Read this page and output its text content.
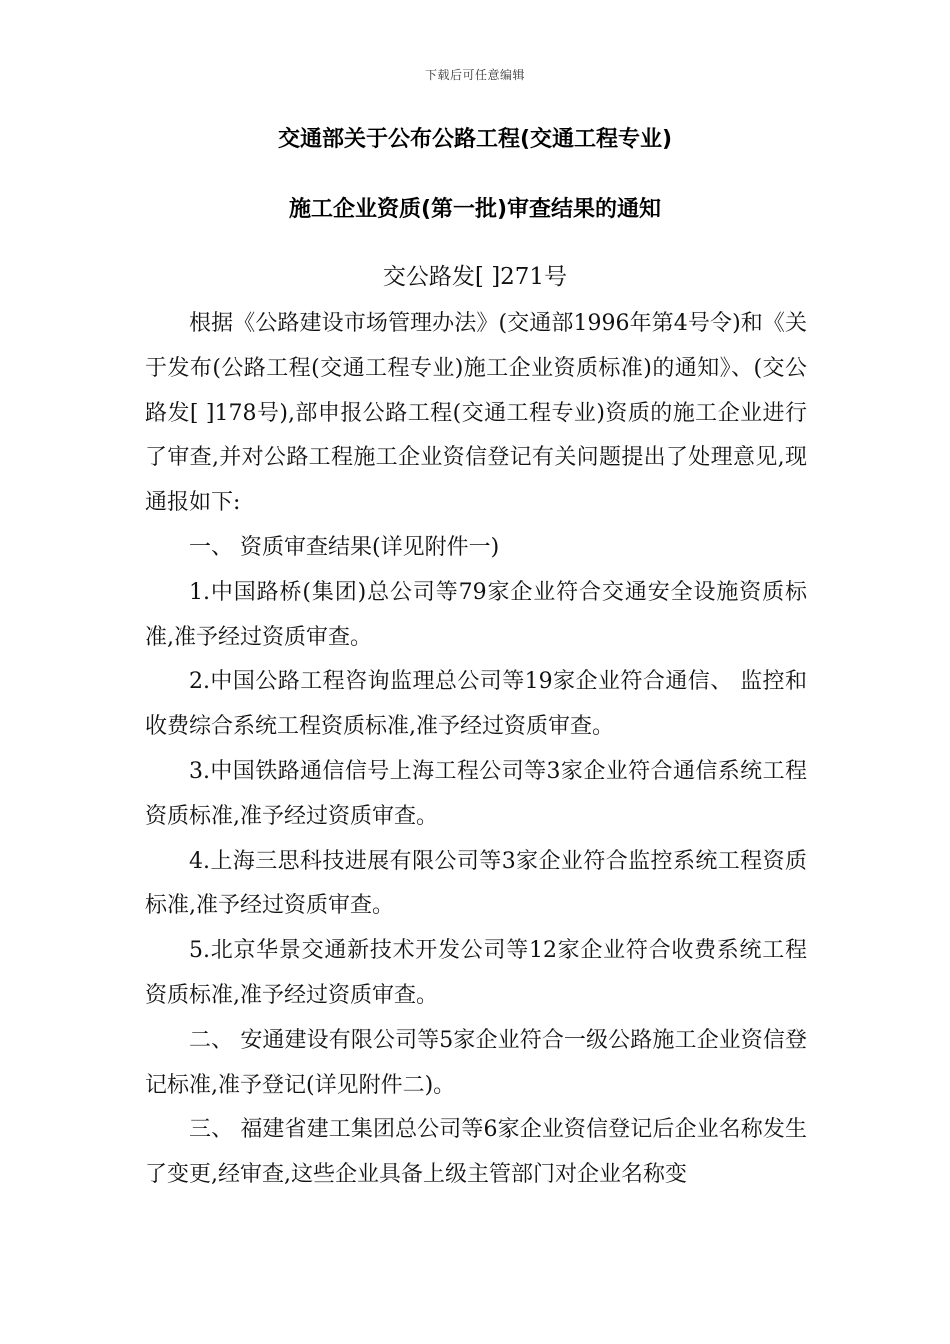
下载后可任意编辑
交通部关于公布公路工程(交通工程专业)
施工企业资质(第一批)审查结果的通知
交公路发[ ]271号

根据《公路建设市场管理办法》(交通部1996年第4号令)和《关于发布(公路工程(交通工程专业)施工企业资质标准)的通知》、(交公路发[ ]178号),部申报公路工程(交通工程专业)资质的施工企业进行了审查,并对公路工程施工企业资信登记有关问题提出了处理意见,现通报如下:

一、 资质审查结果(详见附件一)

1.中国路桥(集团)总公司等79家企业符合交通安全设施资质标准,准予经过资质审查。

2.中国公路工程咨询监理总公司等19家企业符合通信、 监控和收费综合系统工程资质标准,准予经过资质审查。

3.中国铁路通信信号上海工程公司等3家企业符合通信系统工程资质标准,准予经过资质审查。

4.上海三思科技进展有限公司等3家企业符合监控系统工程资质标准,准予经过资质审查。

5.北京华景交通新技术开发公司等12家企业符合收费系统工程资质标准,准予经过资质审查。

二、 安通建设有限公司等5家企业符合一级公路施工企业资信登记标准,准予登记(详见附件二)。

三、 福建省建工集团总公司等6家企业资信登记后企业名称发生了变更,经审查,这些企业具备上级主管部门对企业名称变
